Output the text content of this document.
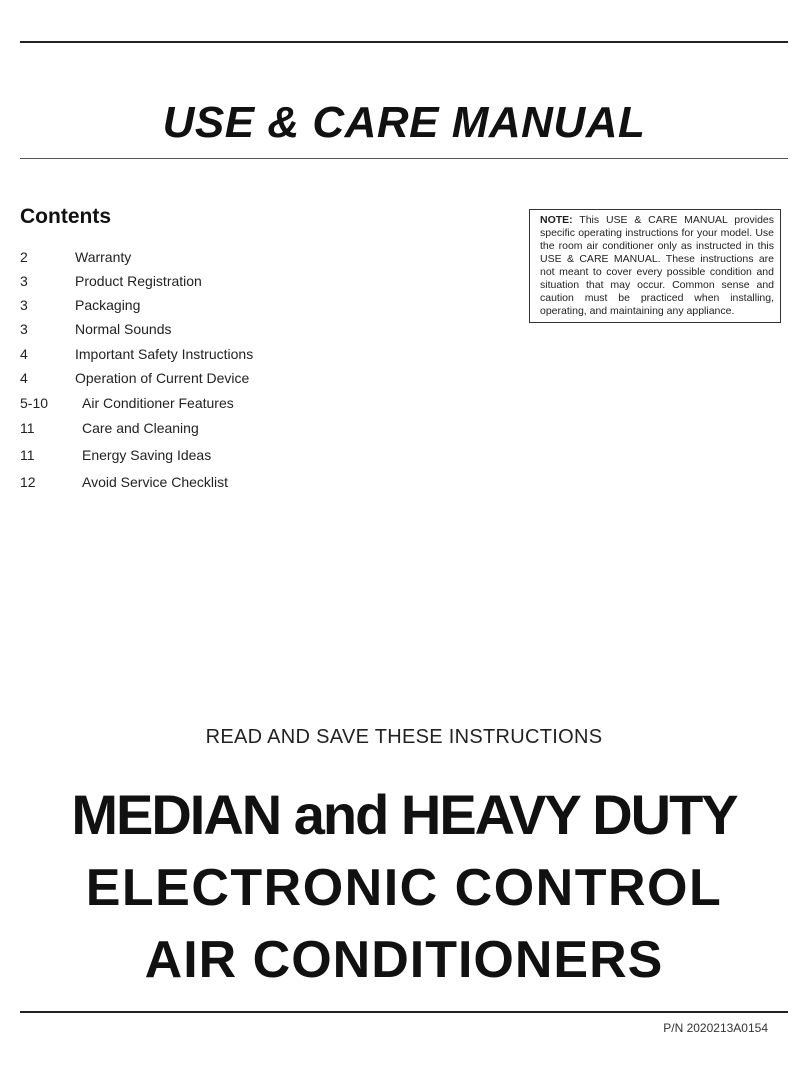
USE & CARE MANUAL
Contents
2	Warranty
3	Product Registration
3	Packaging
3	Normal Sounds
4	Important Safety Instructions
4	Operation of Current Device
5-10 Air Conditioner Features
11	Care and Cleaning
11	Energy Saving Ideas
12	Avoid Service Checklist
NOTE: This USE & CARE MANUAL provides specific operating instructions for your model. Use the room air conditioner only as instructed in this USE & CARE MANUAL. These instructions are not meant to cover every possible condition and situation that may occur. Common sense and caution must be practiced when installing, operating, and maintaining any appliance.
READ AND SAVE THESE INSTRUCTIONS
MEDIAN and HEAVY DUTY
ELECTRONIC CONTROL
AIR CONDITIONERS
P/N 2020213A0154
